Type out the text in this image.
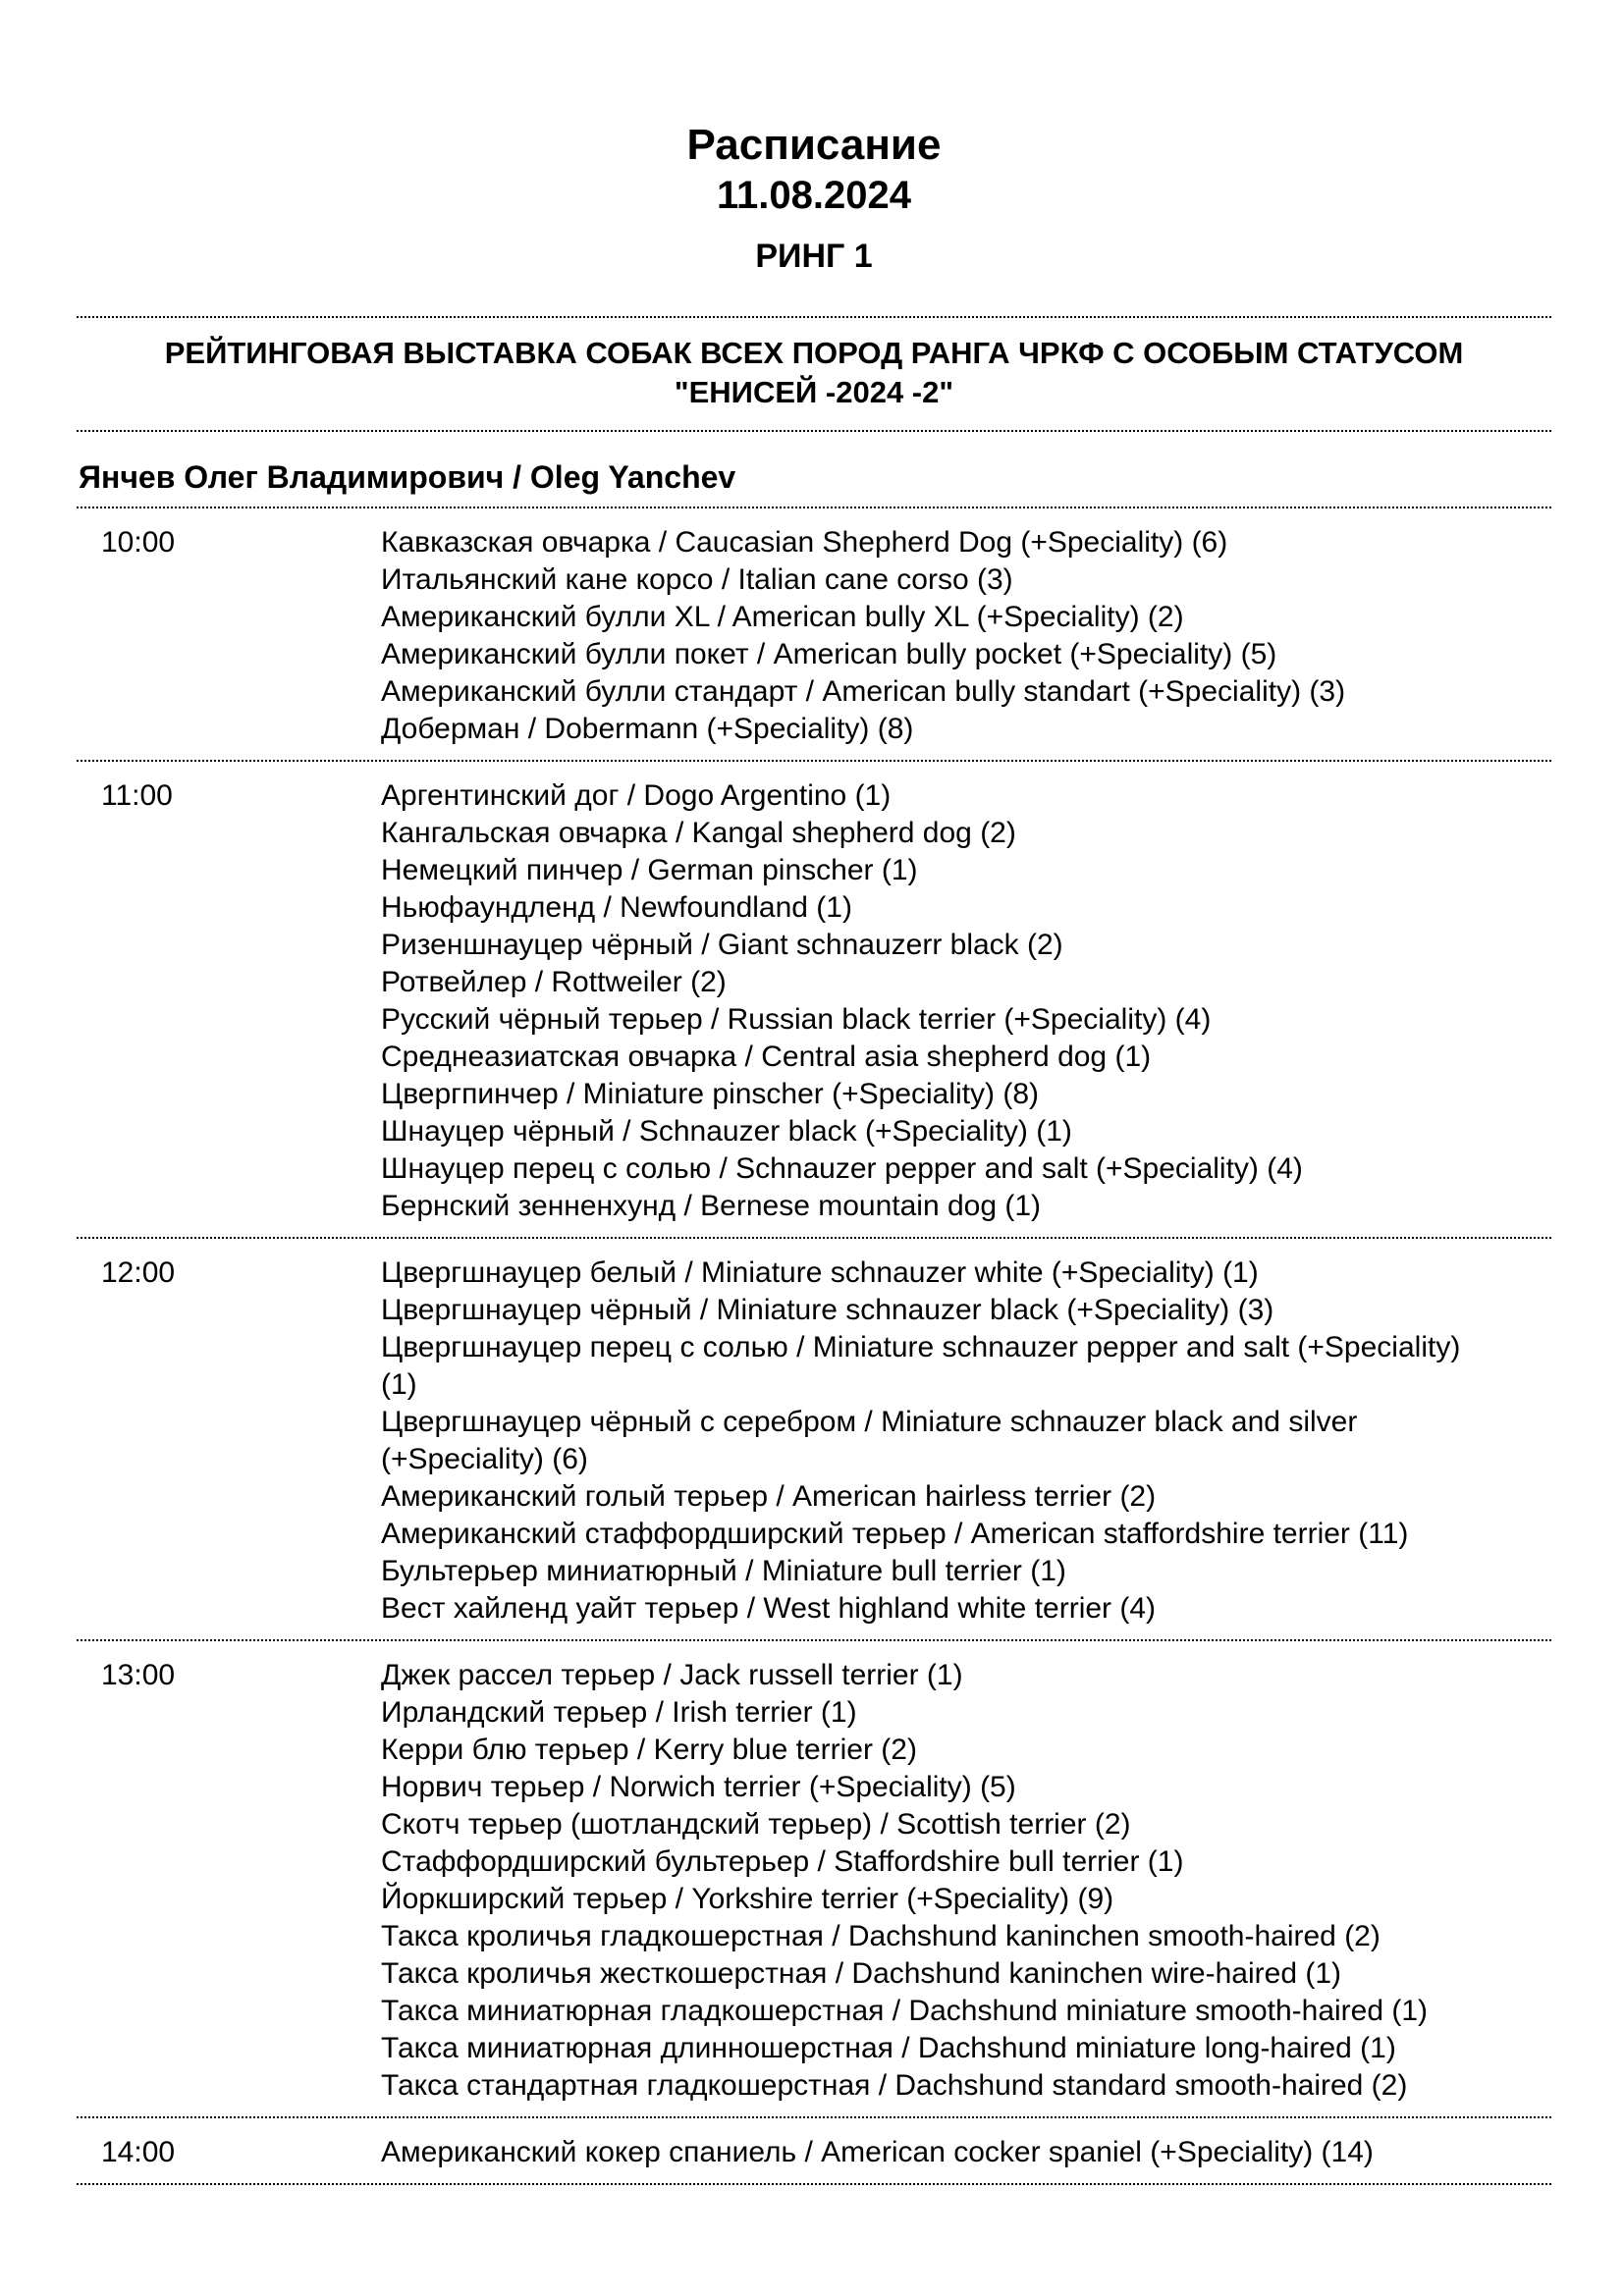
Расписание
11.08.2024
РИНГ 1
РЕЙТИНГОВАЯ ВЫСТАВКА СОБАК ВСЕХ ПОРОД РАНГА ЧРКФ С ОСОБЫМ СТАТУСОМ
"ЕНИСЕЙ -2024 -2"
Янчев Олег Владимирович / Oleg Yanchev
10:00	Кавказская овчарка / Caucasian Shepherd Dog (+Speciality) (6)
Итальянский кане корсо / Italian cane corso (3)
Американский булли XL / American bully XL (+Speciality) (2)
Американский булли покет / American bully pocket (+Speciality) (5)
Американский булли стандарт / American bully standart (+Speciality) (3)
Доберман / Dobermann (+Speciality) (8)
11:00	Аргентинский дог / Dogo Argentino (1)
Кангальская овчарка / Kangal shepherd dog (2)
Немецкий пинчер / German pinscher (1)
Ньюфаундленд / Newfoundland (1)
Ризеншнауцер чёрный / Giant schnauzerr black (2)
Ротвейлер / Rottweiler (2)
Русский чёрный терьер / Russian black terrier (+Speciality) (4)
Среднеазиатская овчарка / Central asia shepherd dog (1)
Цвергпинчер / Miniature pinscher (+Speciality) (8)
Шнауцер чёрный / Schnauzer black (+Speciality) (1)
Шнауцер перец с солью / Schnauzer pepper and salt (+Speciality) (4)
Бернский зенненхунд / Bernese mountain dog (1)
12:00	Цвергшнауцер белый / Miniature schnauzer white (+Speciality) (1)
Цвергшнауцер чёрный / Miniature schnauzer black (+Speciality) (3)
Цвергшнауцер перец с солью / Miniature schnauzer pepper and salt (+Speciality) (1)
Цвергшнауцер чёрный с серебром / Miniature schnauzer black and silver (+Speciality) (6)
Американский голый терьер / American hairless terrier (2)
Американский стаффордширский терьер / American staffordshire terrier (11)
Бультерьер миниатюрный / Miniature bull terrier (1)
Вест хайленд уайт терьер / West highland white terrier (4)
13:00	Джек рассел терьер / Jack russell terrier (1)
Ирландский терьер / Irish terrier (1)
Керри блю терьер / Kerry blue terrier (2)
Норвич терьер / Norwich terrier (+Speciality) (5)
Скотч терьер (шотландский терьер) / Scottish terrier (2)
Стаффордширский бультерьер / Staffordshire bull terrier (1)
Йоркширский терьер / Yorkshire terrier (+Speciality) (9)
Такса кроличья гладкошерстная / Dachshund kaninchen smooth-haired (2)
Такса кроличья жесткошерстная / Dachshund kaninchen wire-haired (1)
Такса миниатюрная гладкошерстная / Dachshund miniature smooth-haired (1)
Такса миниатюрная длинношерстная / Dachshund miniature long-haired (1)
Такса стандартная гладкошерстная / Dachshund standard smooth-haired (2)
14:00	Американский кокер спаниель / American cocker spaniel (+Speciality) (14)
